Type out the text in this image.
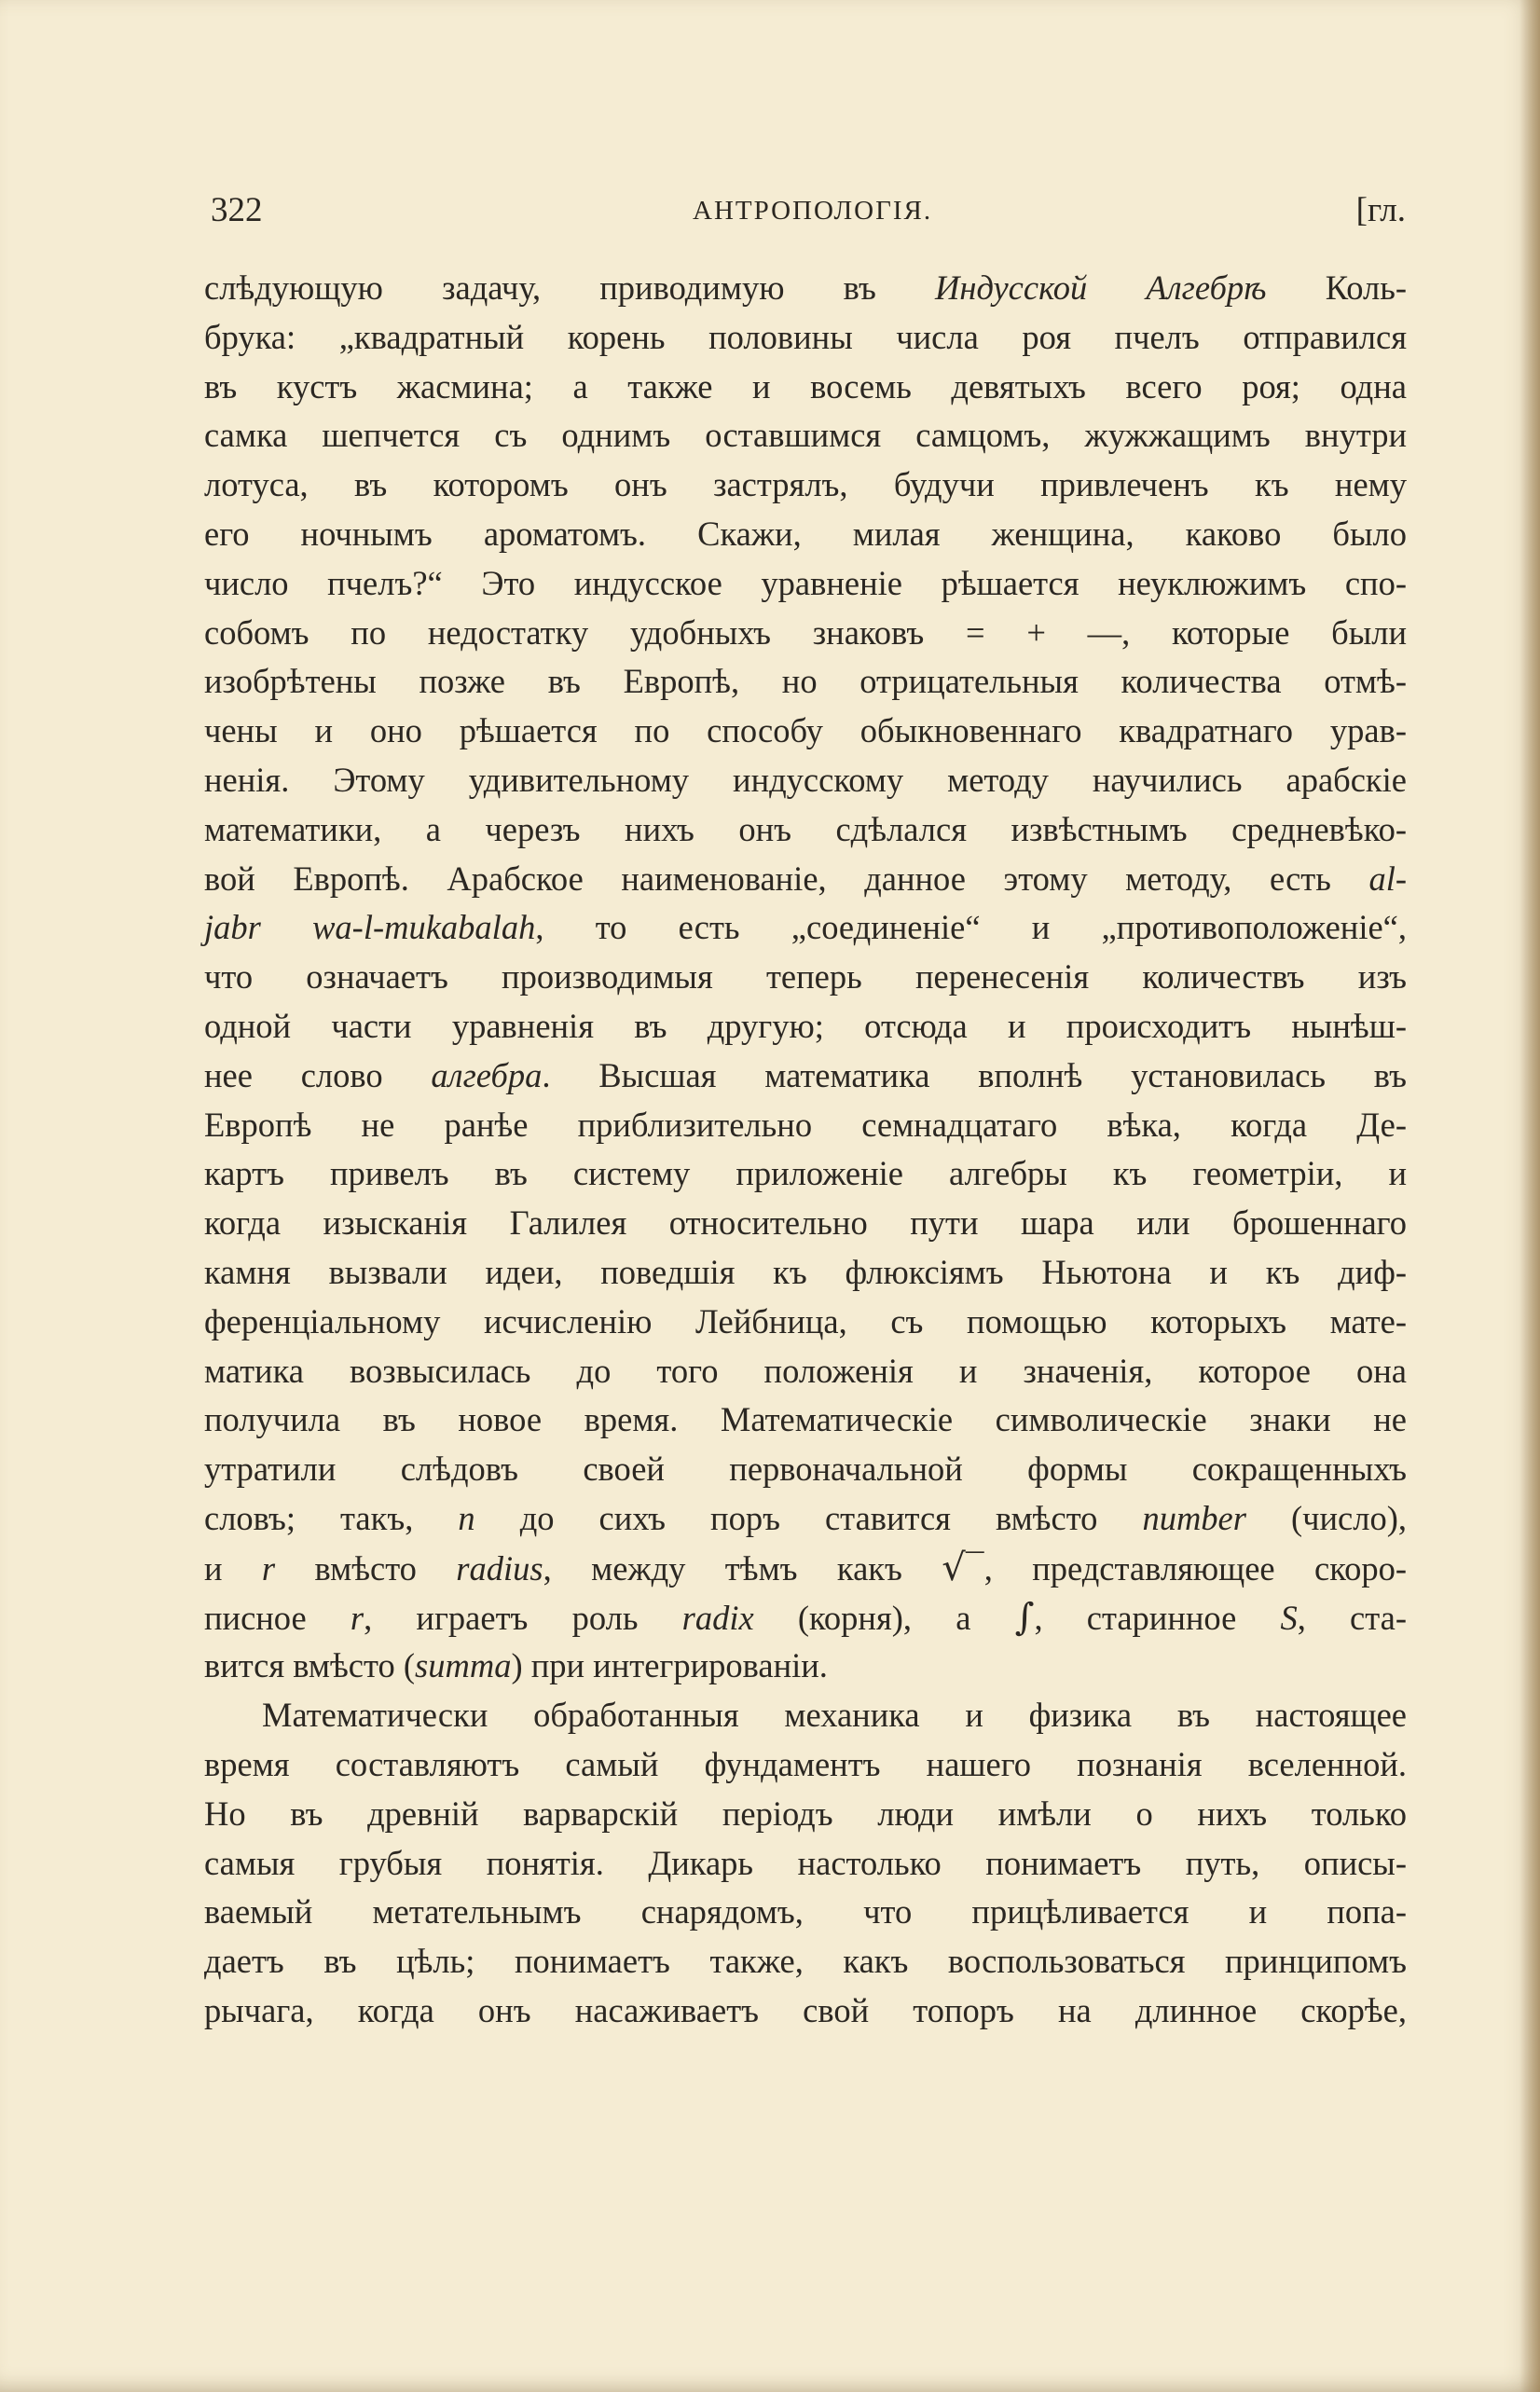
322	АНТРОПОЛОГІЯ.	[гл.
слѣдующую задачу, приводимую въ Индусской Алгебрѣ Коль-
брука: „квадратный корень половины числа роя пчелъ отправился
въ кустъ жасмина; а также и восемь девятыхъ всего роя; одна
самка шепчется съ однимъ оставшимся самцомъ, жужжащимъ внутри
лотуса, въ которомъ онъ застрялъ, будучи привлеченъ къ нему
его ночнымъ ароматомъ. Скажи, милая женщина, каково было
число пчелъ?“ Это индусское уравненіе рѣшается неуклюжимъ спо-
собомъ по недостатку удобныхъ знаковъ = + —, которые были
изобрѣтены позже въ Европѣ, но отрицательныя количества отмѣ-
чены и оно рѣшается по способу обыкновеннаго квадратнаго урав-
ненія. Этому удивительному индусскому методу научились арабскіе
математики, а черезъ нихъ онъ сдѣлался извѣстнымъ средневѣко-
вой Европѣ. Арабское наименованіе, данное этому методу, есть al-
jabr wa-l-mukabalah, то есть „соединеніе“ и „противоположеніе“,
что означаетъ производимыя теперь перенесенія количествъ изъ
одной части уравненія въ другую; отсюда и происходитъ нынѣш-
нее слово алгебра. Высшая математика вполнѣ установилась въ
Европѣ не ранѣе приблизительно семнадцатаго вѣка, когда Де-
картъ привелъ въ систему приложеніе алгебры къ геометріи, и
когда изысканія Галилея относительно пути шара или брошеннаго
камня вызвали идеи, поведшія къ флюксіямъ Ньютона и къ диф-
ференціальному исчисленію Лейбница, съ помощью которыхъ мате-
матика возвысилась до того положенія и значенія, которое она
получила въ новое время. Математическіе символическіе знаки не
утратили слѣдовъ своей первоначальной формы сокращенныхъ
словъ; такъ, n до сихъ поръ ставится вмѣсто number (число),
и r вмѣсто radius, между тѣмъ какъ √‾, представляющее скоро-
писное r, играетъ роль radix (корня), а ∫, старинное S, ста-
вится вмѣсто (summa) при интегрированіи.
Математически обработанныя механика и физика въ настоящее
время составляютъ самый фундаментъ нашего познанія вселенной.
Но въ древній варварскій періодъ люди имѣли о нихъ только
самыя грубыя понятія. Дикарь настолько понимаетъ путь, описы-
ваемый метательнымъ снарядомъ, что прицѣливается и попа-
даетъ въ цѣль; понимаетъ также, какъ воспользоваться принципомъ
рычага, когда онъ насаживаетъ свой топоръ на длинное скорѣе,
